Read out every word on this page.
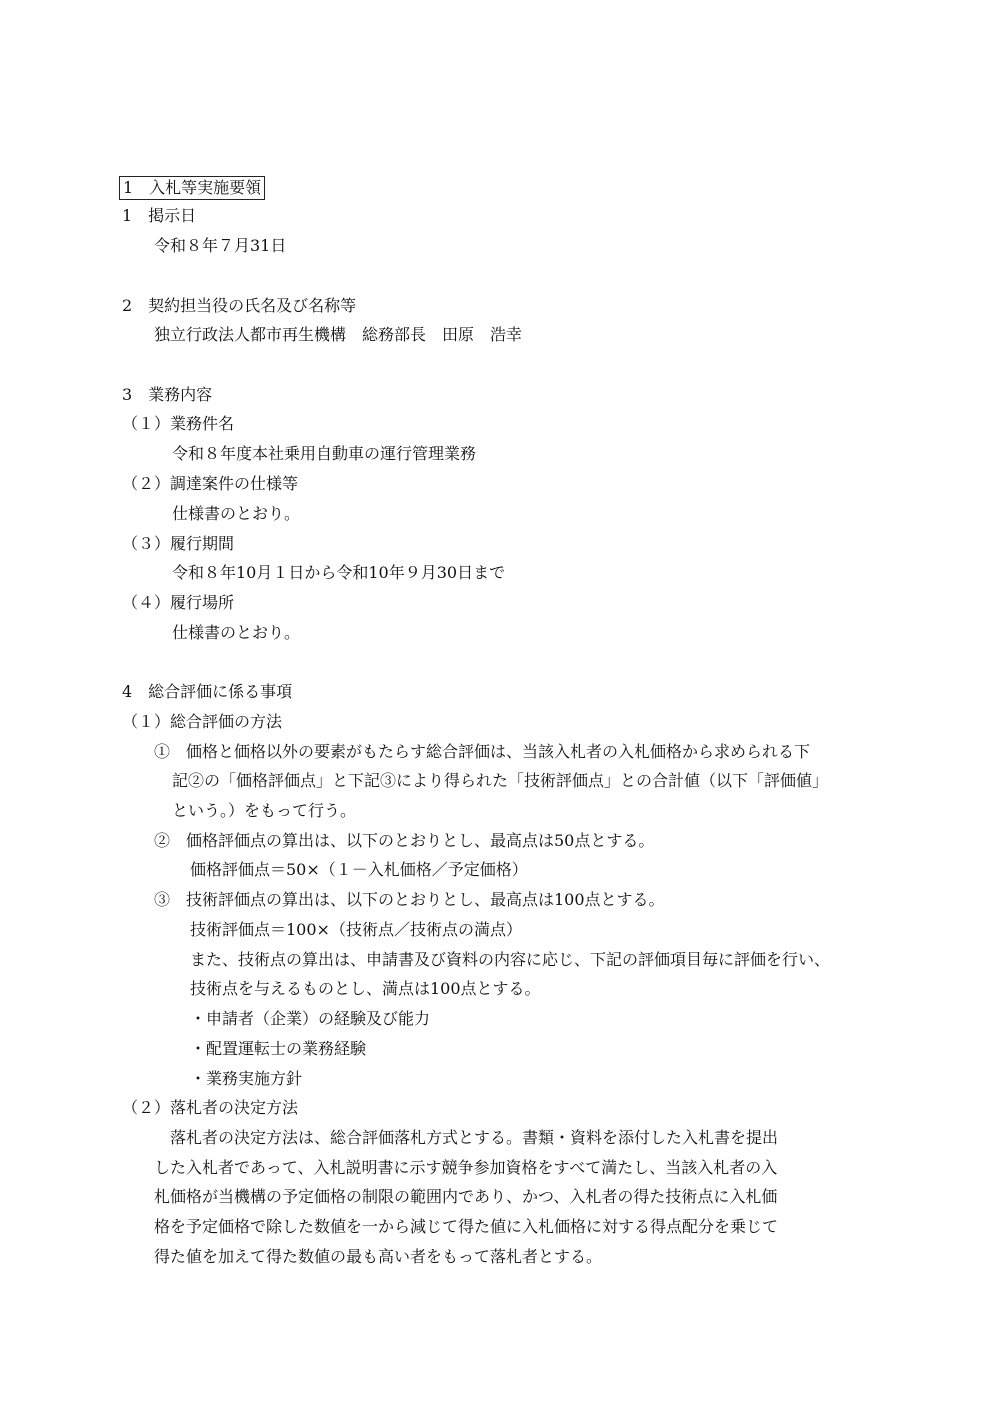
1　入札等実施要領
1　掲示日
令和８年７月31日
2　契約担当役の氏名及び名称等
独立行政法人都市再生機構　総務部長　田原　浩幸
3　業務内容
（１）業務件名
令和８年度本社乗用自動車の運行管理業務
（２）調達案件の仕様等
仕様書のとおり。
（３）履行期間
令和８年10月１日から令和10年９月30日まで
（４）履行場所
仕様書のとおり。
4　総合評価に係る事項
（１）総合評価の方法
①　価格と価格以外の要素がもたらす総合評価は、当該入札者の入札価格から求められる下
記②の「価格評価点」と下記③により得られた「技術評価点」との合計値（以下「評価値」
という。）をもって行う。
②　価格評価点の算出は、以下のとおりとし、最高点は50点とする。
価格評価点＝50×（１－入札価格／予定価格）
③　技術評価点の算出は、以下のとおりとし、最高点は100点とする。
技術評価点＝100×（技術点／技術点の満点）
また、技術点の算出は、申請書及び資料の内容に応じ、下記の評価項目毎に評価を行い、
技術点を与えるものとし、満点は100点とする。
・申請者（企業）の経験及び能力
・配置運転士の業務経験
・業務実施方針
（２）落札者の決定方法
　落札者の決定方法は、総合評価落札方式とする。書類・資料を添付した入札書を提出
した入札者であって、入札説明書に示す競争参加資格をすべて満たし、当該入札者の入
札価格が当機構の予定価格の制限の範囲内であり、かつ、入札者の得た技術点に入札価
格を予定価格で除した数値を一から減じて得た値に入札価格に対する得点配分を乗じて
得た値を加えて得た数値の最も高い者をもって落札者とする。
